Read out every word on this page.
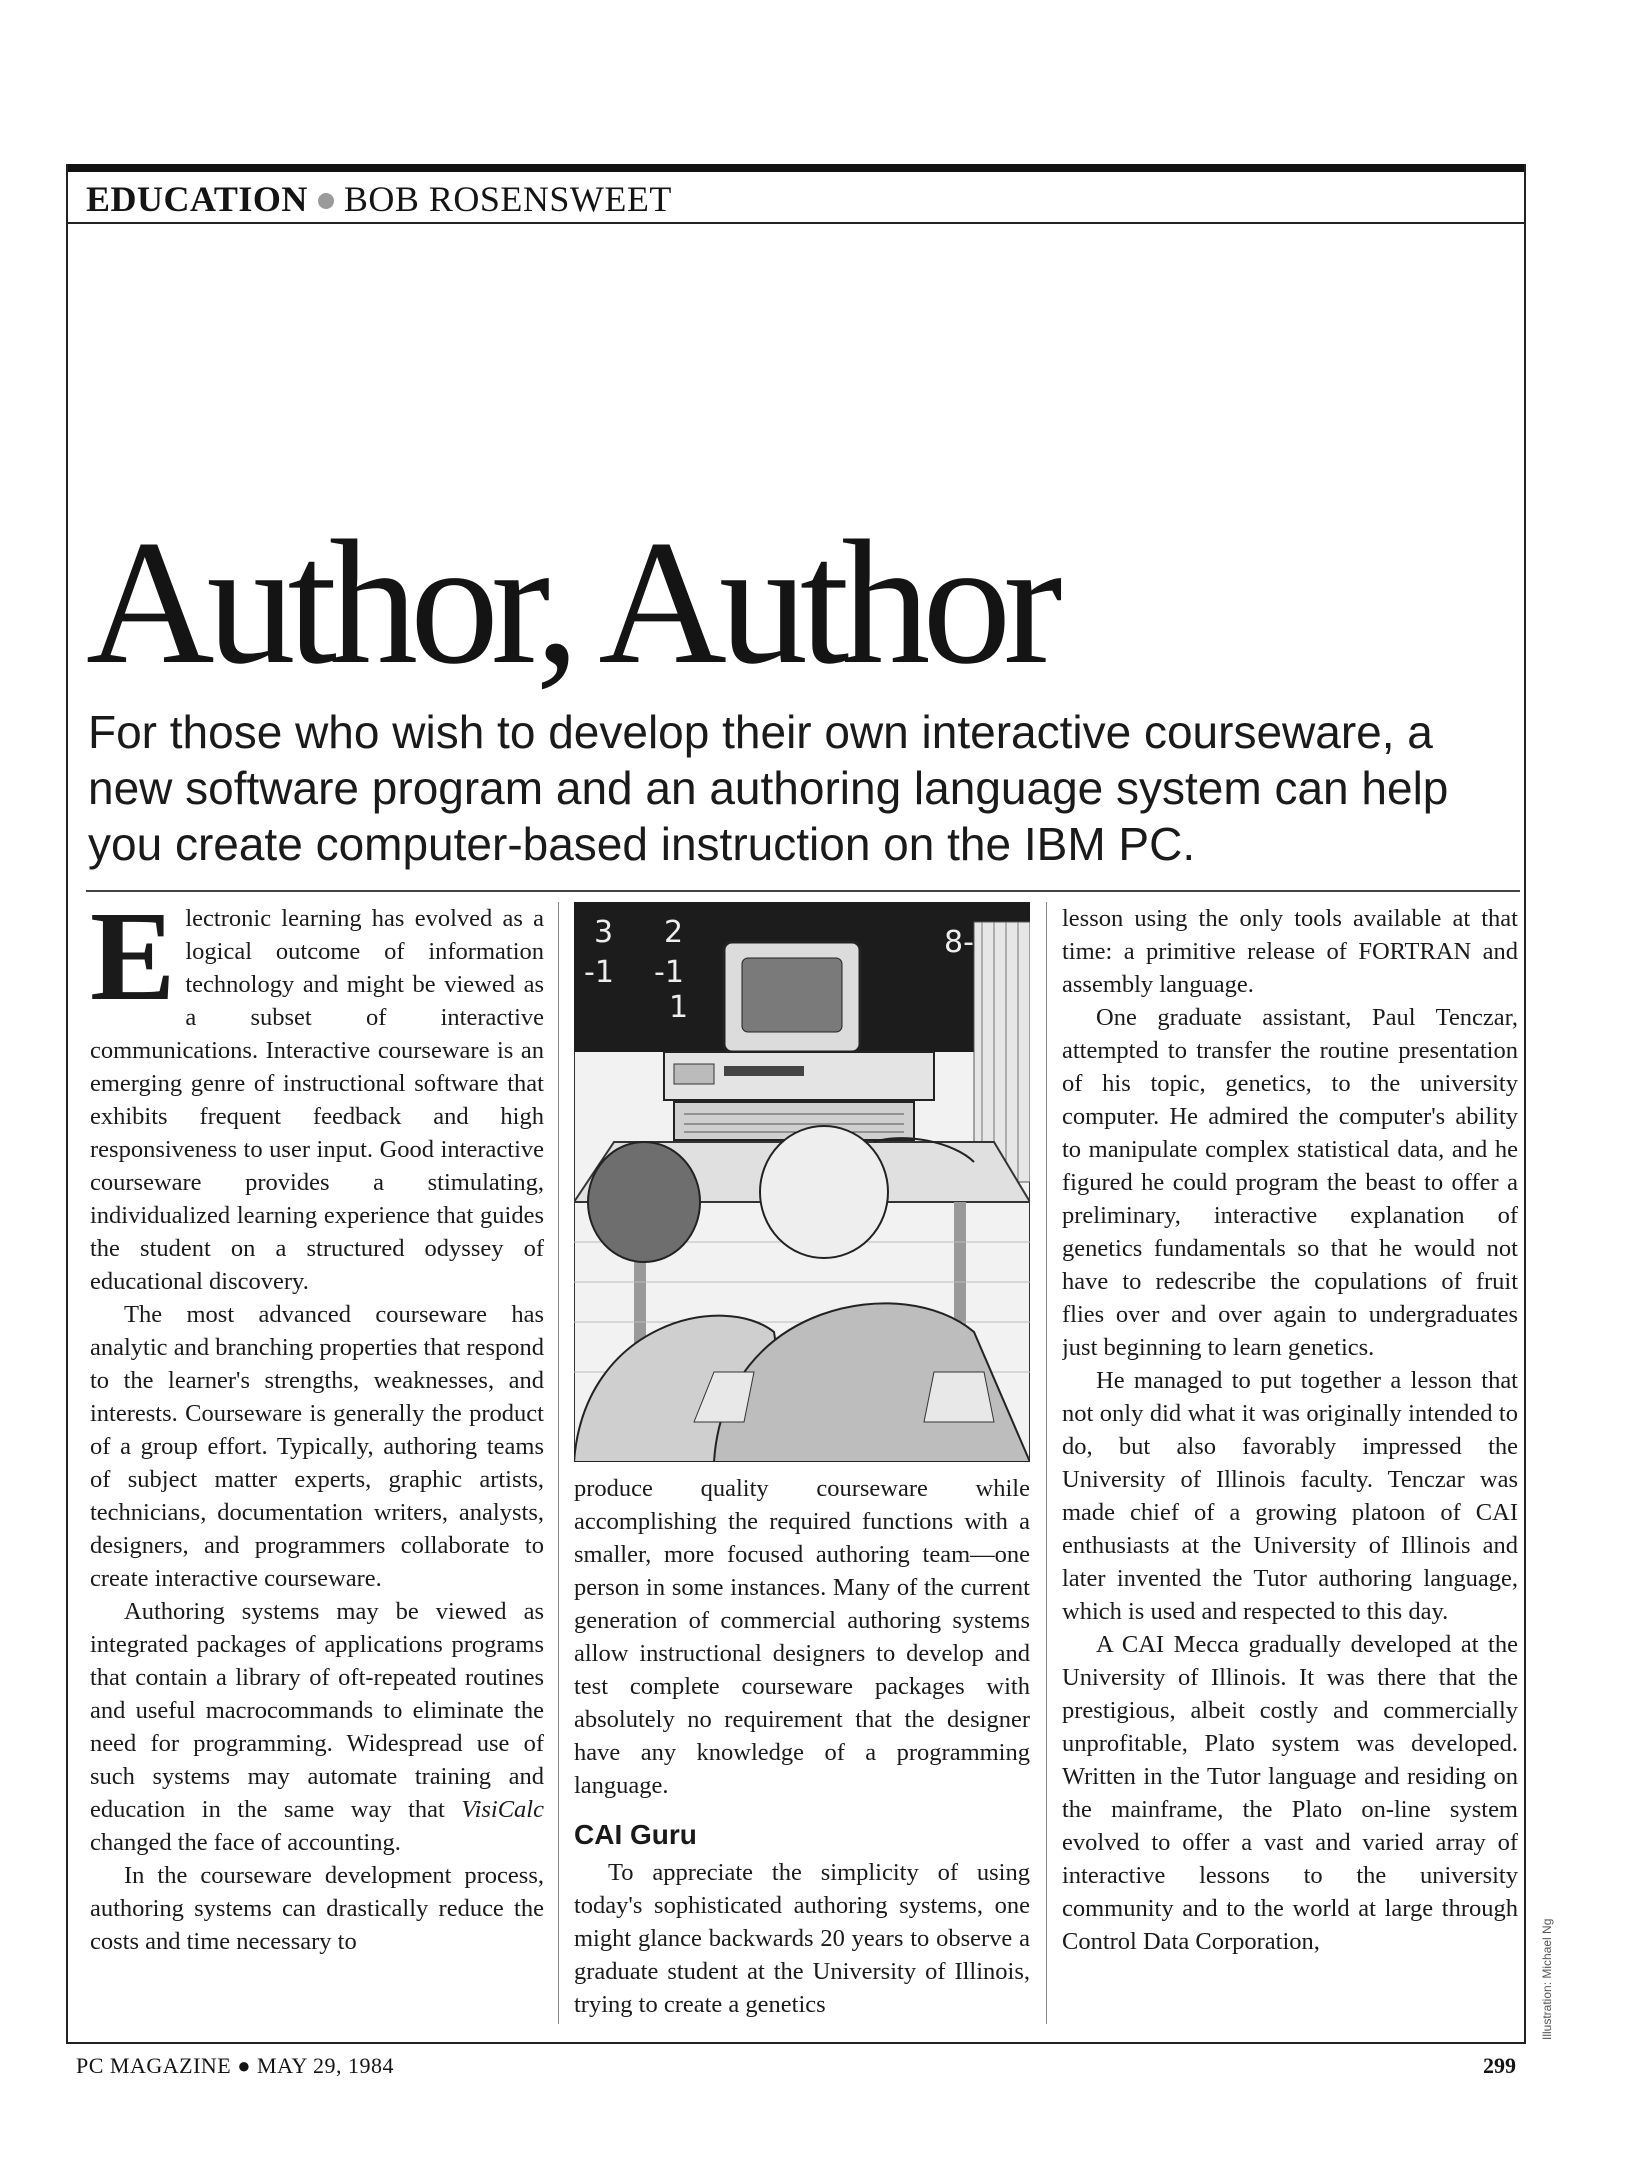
EDUCATION BOB ROSENSWEET
Author, Author

For those who wish to develop their own interactive courseware, a new software program and an authoring language system can help you create computer-based instruction on the IBM PC.

Electronic learning has evolved as a logical outcome of information technology and might be viewed as a subset of interactive communications. Interactive courseware is an emerging genre of instructional software that exhibits frequent feedback and high responsiveness to user input. Good interactive courseware provides a stimulating, individualized learning experience that guides the student on a structured odyssey of educational discovery.

The most advanced courseware has analytic and branching properties that respond to the learner's strengths, weaknesses, and interests. Courseware is generally the product of a group effort. Typically, authoring teams of subject matter experts, graphic artists, technicians, documentation writers, analysts, designers, and programmers collaborate to create interactive courseware.

Authoring systems may be viewed as integrated packages of applications programs that contain a library of oft-repeated routines and useful macrocommands to eliminate the need for programming. Widespread use of such systems may automate training and education in the same way that VisiCalc changed the face of accounting.

In the courseware development process, authoring systems can drastically reduce the costs and time necessary to

3 2	8-
-1 -1
1

produce quality courseware while accomplishing the required functions with a smaller, more focused authoring team—one person in some instances. Many of the current generation of commercial authoring systems allow instructional designers to develop and test complete courseware packages with absolutely no requirement that the designer have any knowledge of a programming language.

CAI Guru

To appreciate the simplicity of using today's sophisticated authoring systems, one might glance backwards 20 years to observe a graduate student at the University of Illinois, trying to create a genetics

lesson using the only tools available at that time: a primitive release of FORTRAN and assembly language.

One graduate assistant, Paul Tenczar, attempted to transfer the routine presentation of his topic, genetics, to the university computer. He admired the computer's ability to manipulate complex statistical data, and he figured he could program the beast to offer a preliminary, interactive explanation of genetics fundamentals so that he would not have to redescribe the copulations of fruit flies over and over again to undergraduates just beginning to learn genetics.

He managed to put together a lesson that not only did what it was originally intended to do, but also favorably impressed the University of Illinois faculty. Tenczar was made chief of a growing platoon of CAI enthusiasts at the University of Illinois and later invented the Tutor authoring language, which is used and respected to this day.

A CAI Mecca gradually developed at the University of Illinois. It was there that the prestigious, albeit costly and commercially unprofitable, Plato system was developed. Written in the Tutor language and residing on the mainframe, the Plato on-line system evolved to offer a vast and varied array of interactive lessons to the university community and to the world at large through Control Data Corporation,	Illustration: Michael Ng
PC MAGAZINE ● MAY 29, 1984	299
